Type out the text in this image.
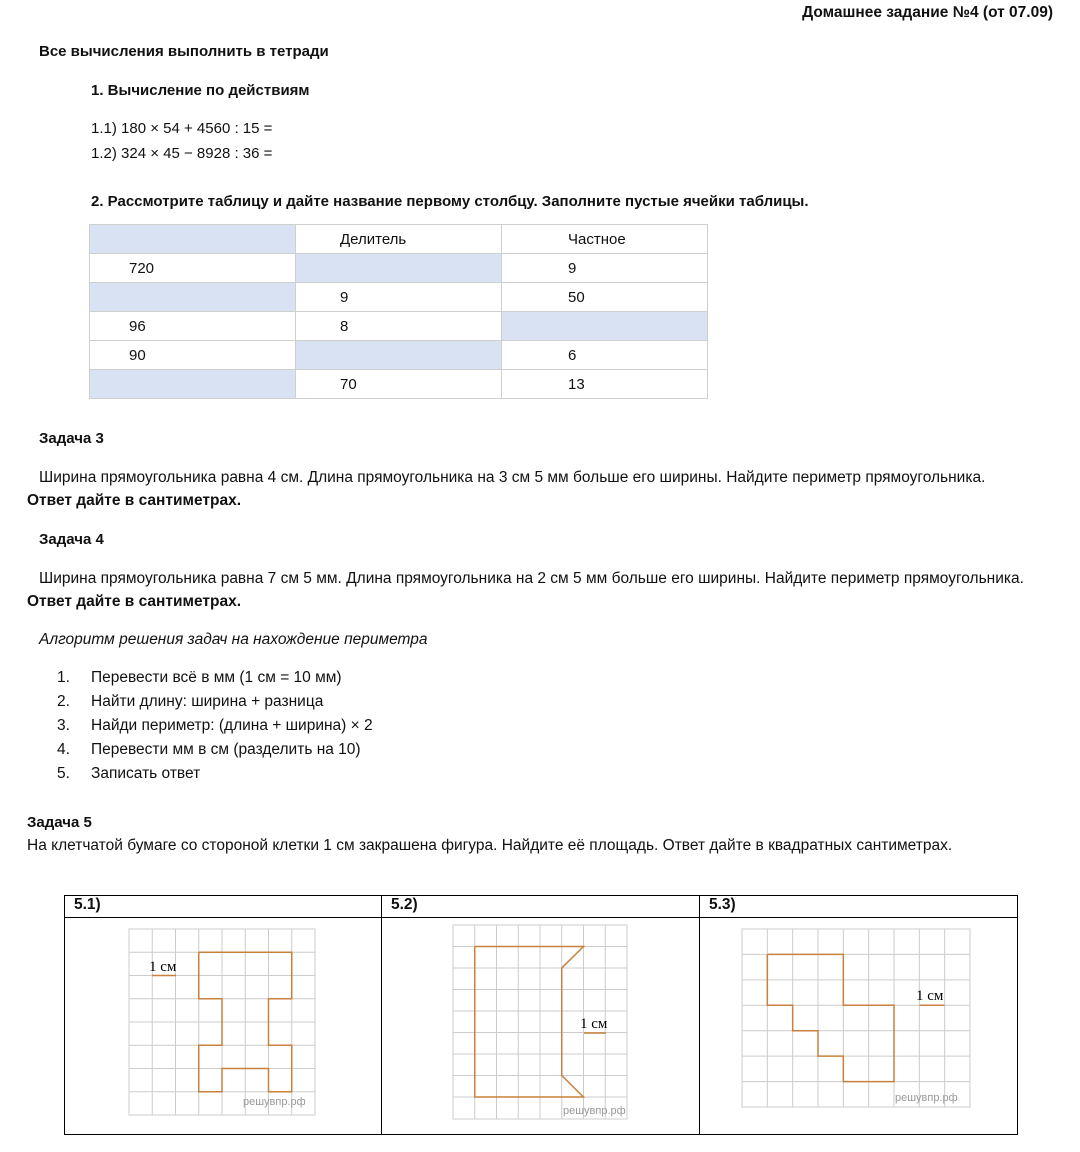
Домашнее задание №4 (от 07.09)
Все вычисления выполнить в тетради
1. Вычисление по действиям
1.1) 180 × 54 + 4560 : 15 =
1.2) 324 × 45 − 8928 : 36 =
2. Рассмотрите таблицу и дайте название первому столбцу. Заполните пустые ячейки таблицы.
	Делитель	Частное
720		9
	9	50
96	8	
90		6
	70	13
Задача 3
Ширина прямоугольника равна 4 см. Длина прямоугольника на 3 см 5 мм больше его ширины. Найдите периметр прямоугольника. Ответ дайте в сантиметрах.
Задача 4
Ширина прямоугольника равна 7 см 5 мм. Длина прямоугольника на 2 см 5 мм больше его ширины. Найдите периметр прямоугольника. Ответ дайте в сантиметрах.
Алгоритм решения задач на нахождение периметра
1. Перевести всё в мм (1 см = 10 мм)
2. Найти длину: ширина + разница
3. Найди периметр: (длина + ширина) × 2
4. Перевести мм в см (разделить на 10)
5. Записать ответ
Задача 5
На клетчатой бумаге со стороной клетки 1 см закрашена фигура. Найдите её площадь. Ответ дайте в квадратных сантиметрах.
5.1)	5.2)	5.3)

1 см
решувпр.рф	1 см
решувпр.рф	1 см
решувпр.рф
